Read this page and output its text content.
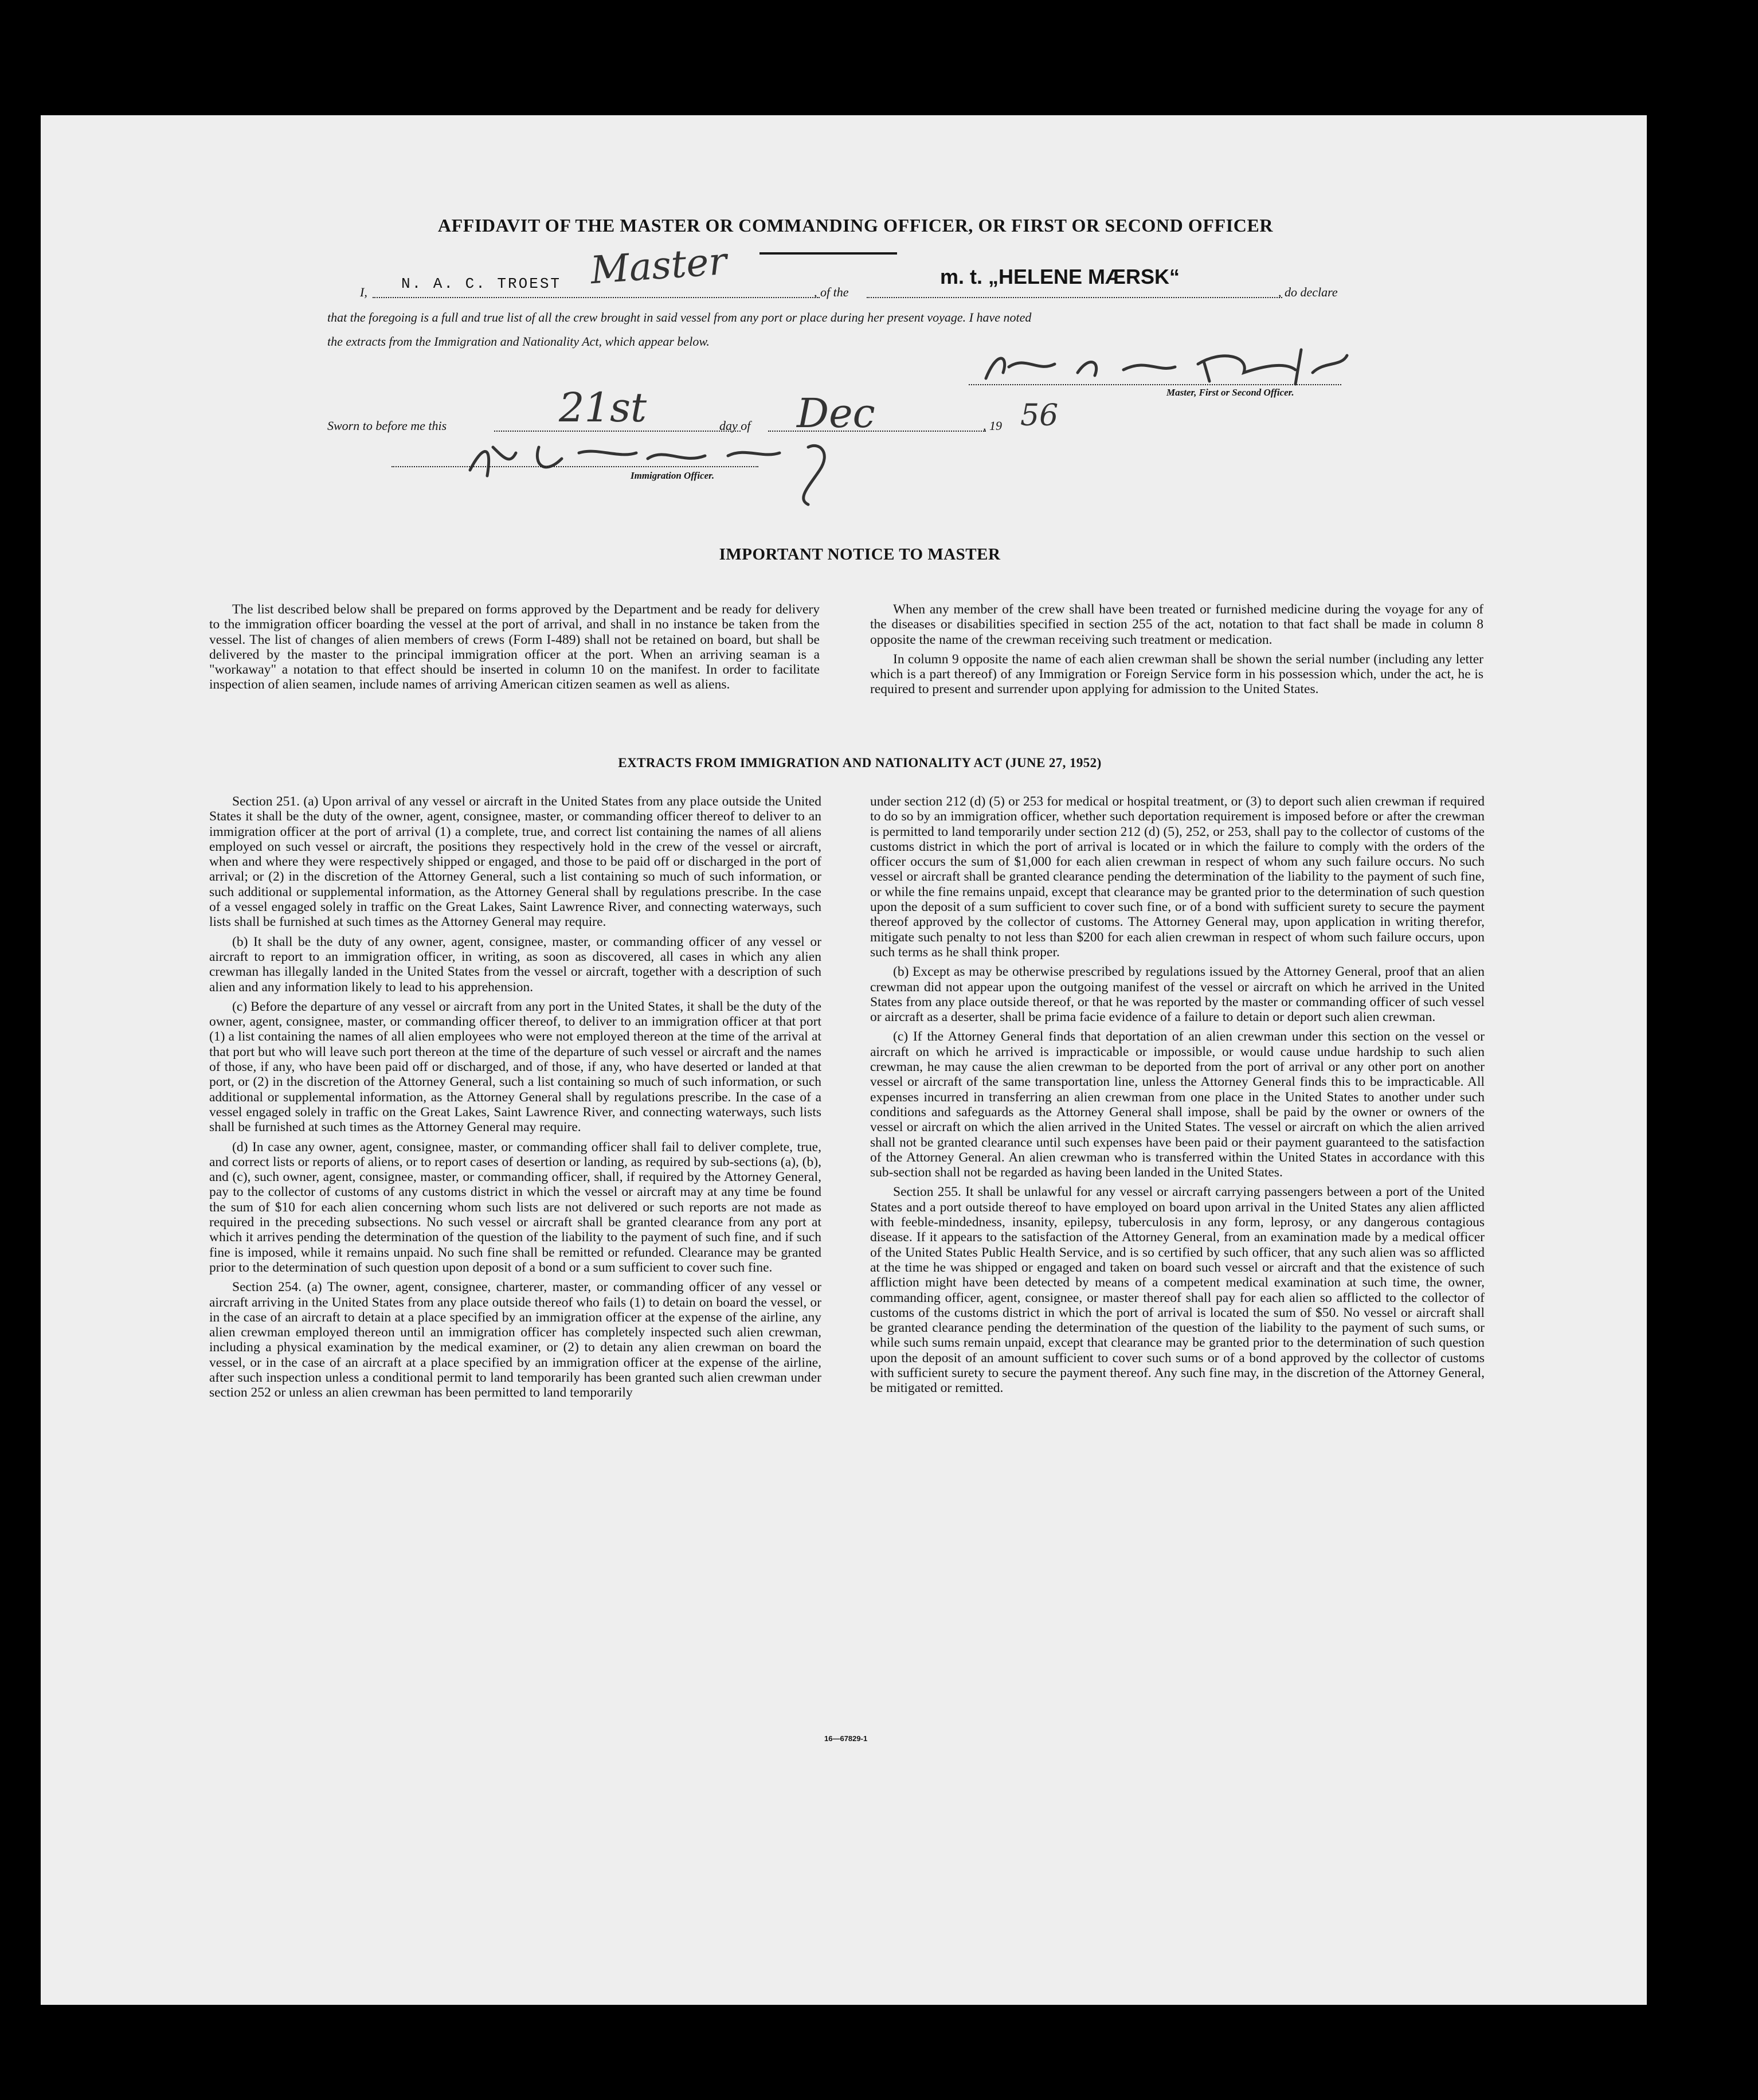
AFFIDAVIT OF THE MASTER OR COMMANDING OFFICER, OR FIRST OR SECOND OFFICER
I, N. A. C. TROEST Master	, of the
m. t. „HELENE MÆRSK“
, do declare
that the foregoing is a full and true list of all the crew brought in said vessel from any port or place during her present voyage. I have noted
the extracts from the Immigration and Nationality Act, which appear below.
Master, First or Second Officer.
Sworn to before me this	21st	day of Dec	, 19 56
Immigration Officer.
IMPORTANT NOTICE TO MASTER

The list described below shall be prepared on forms approved by the Department and be ready for delivery to the immigration officer boarding the vessel at the port of arrival, and shall in no instance be taken from the vessel. The list of changes of alien members of crews (Form I-489) shall not be retained on board, but shall be delivered by the master to the principal immigration officer at the port. When an arriving seaman is a "workaway" a notation to that effect should be inserted in column 10 on the manifest. In order to facilitate inspection of alien seamen, include names of arriving American citizen seamen as well as aliens.

When any member of the crew shall have been treated or furnished medicine during the voyage for any of the diseases or disabilities specified in section 255 of the act, notation to that fact shall be made in column 8 opposite the name of the crewman receiving such treatment or medication.

In column 9 opposite the name of each alien crewman shall be shown the serial number (including any letter which is a part thereof) of any Immigration or Foreign Service form in his possession which, under the act, he is required to present and surrender upon applying for admission to the United States.

EXTRACTS FROM IMMIGRATION AND NATIONALITY ACT (JUNE 27, 1952)

Section 251. (a) Upon arrival of any vessel or aircraft in the United States from any place outside the United States it shall be the duty of the owner, agent, consignee, master, or commanding officer thereof to deliver to an immigration officer at the port of arrival (1) a complete, true, and correct list containing the names of all aliens employed on such vessel or aircraft, the positions they respectively hold in the crew of the vessel or aircraft, when and where they were respectively shipped or engaged, and those to be paid off or discharged in the port of arrival; or (2) in the discretion of the Attorney General, such a list containing so much of such information, or such additional or supplemental information, as the Attorney General shall by regulations prescribe. In the case of a vessel engaged solely in traffic on the Great Lakes, Saint Lawrence River, and connecting waterways, such lists shall be furnished at such times as the Attorney General may require.

(b) It shall be the duty of any owner, agent, consignee, master, or commanding officer of any vessel or aircraft to report to an immigration officer, in writing, as soon as discovered, all cases in which any alien crewman has illegally landed in the United States from the vessel or aircraft, together with a description of such alien and any information likely to lead to his apprehension.

(c) Before the departure of any vessel or aircraft from any port in the United States, it shall be the duty of the owner, agent, consignee, master, or commanding officer thereof, to deliver to an immigration officer at that port (1) a list containing the names of all alien employees who were not employed thereon at the time of the arrival at that port but who will leave such port thereon at the time of the departure of such vessel or aircraft and the names of those, if any, who have been paid off or discharged, and of those, if any, who have deserted or landed at that port, or (2) in the discretion of the Attorney General, such a list containing so much of such information, or such additional or supplemental information, as the Attorney General shall by regulations prescribe. In the case of a vessel engaged solely in traffic on the Great Lakes, Saint Lawrence River, and connecting waterways, such lists shall be furnished at such times as the Attorney General may require.

(d) In case any owner, agent, consignee, master, or commanding officer shall fail to deliver complete, true, and correct lists or reports of aliens, or to report cases of desertion or landing, as required by sub-sections (a), (b), and (c), such owner, agent, consignee, master, or commanding officer, shall, if required by the Attorney General, pay to the collector of customs of any customs district in which the vessel or aircraft may at any time be found the sum of $10 for each alien concerning whom such lists are not delivered or such reports are not made as required in the preceding subsections. No such vessel or aircraft shall be granted clearance from any port at which it arrives pending the determination of the question of the liability to the payment of such fine, and if such fine is imposed, while it remains unpaid. No such fine shall be remitted or refunded. Clearance may be granted prior to the determination of such question upon deposit of a bond or a sum sufficient to cover such fine.

Section 254. (a) The owner, agent, consignee, charterer, master, or commanding officer of any vessel or aircraft arriving in the United States from any place outside thereof who fails (1) to detain on board the vessel, or in the case of an aircraft to detain at a place specified by an immigration officer at the expense of the airline, any alien crewman employed thereon until an immigration officer has completely inspected such alien crewman, including a physical examination by the medical examiner, or (2) to detain any alien crewman on board the vessel, or in the case of an aircraft at a place specified by an immigration officer at the expense of the airline, after such inspection unless a conditional permit to land temporarily has been granted such alien crewman under section 252 or unless an alien crewman has been permitted to land temporarily

under section 212 (d) (5) or 253 for medical or hospital treatment, or (3) to deport such alien crewman if required to do so by an immigration officer, whether such deportation requirement is imposed before or after the crewman is permitted to land temporarily under section 212 (d) (5), 252, or 253, shall pay to the collector of customs of the customs district in which the port of arrival is located or in which the failure to comply with the orders of the officer occurs the sum of $1,000 for each alien crewman in respect of whom any such failure occurs. No such vessel or aircraft shall be granted clearance pending the determination of the liability to the payment of such fine, or while the fine remains unpaid, except that clearance may be granted prior to the determination of such question upon the deposit of a sum sufficient to cover such fine, or of a bond with sufficient surety to secure the payment thereof approved by the collector of customs. The Attorney General may, upon application in writing therefor, mitigate such penalty to not less than $200 for each alien crewman in respect of whom such failure occurs, upon such terms as he shall think proper.

(b) Except as may be otherwise prescribed by regulations issued by the Attorney General, proof that an alien crewman did not appear upon the outgoing manifest of the vessel or aircraft on which he arrived in the United States from any place outside thereof, or that he was reported by the master or commanding officer of such vessel or aircraft as a deserter, shall be prima facie evidence of a failure to detain or deport such alien crewman.

(c) If the Attorney General finds that deportation of an alien crewman under this section on the vessel or aircraft on which he arrived is impracticable or impossible, or would cause undue hardship to such alien crewman, he may cause the alien crewman to be deported from the port of arrival or any other port on another vessel or aircraft of the same transportation line, unless the Attorney General finds this to be impracticable. All expenses incurred in transferring an alien crewman from one place in the United States to another under such conditions and safeguards as the Attorney General shall impose, shall be paid by the owner or owners of the vessel or aircraft on which the alien arrived in the United States. The vessel or aircraft on which the alien arrived shall not be granted clearance until such expenses have been paid or their payment guaranteed to the satisfaction of the Attorney General. An alien crewman who is transferred within the United States in accordance with this sub-section shall not be regarded as having been landed in the United States.

Section 255. It shall be unlawful for any vessel or aircraft carrying passengers between a port of the United States and a port outside thereof to have employed on board upon arrival in the United States any alien afflicted with feeble-mindedness, insanity, epilepsy, tuberculosis in any form, leprosy, or any dangerous contagious disease. If it appears to the satisfaction of the Attorney General, from an examination made by a medical officer of the United States Public Health Service, and is so certified by such officer, that any such alien was so afflicted at the time he was shipped or engaged and taken on board such vessel or aircraft and that the existence of such affliction might have been detected by means of a competent medical examination at such time, the owner, commanding officer, agent, consignee, or master thereof shall pay for each alien so afflicted to the collector of customs of the customs district in which the port of arrival is located the sum of $50. No vessel or aircraft shall be granted clearance pending the determination of the question of the liability to the payment of such sums, or while such sums remain unpaid, except that clearance may be granted prior to the determination of such question upon the deposit of an amount sufficient to cover such sums or of a bond approved by the collector of customs with sufficient surety to secure the payment thereof. Any such fine may, in the discretion of the Attorney General, be mitigated or remitted.

16—67829-1
